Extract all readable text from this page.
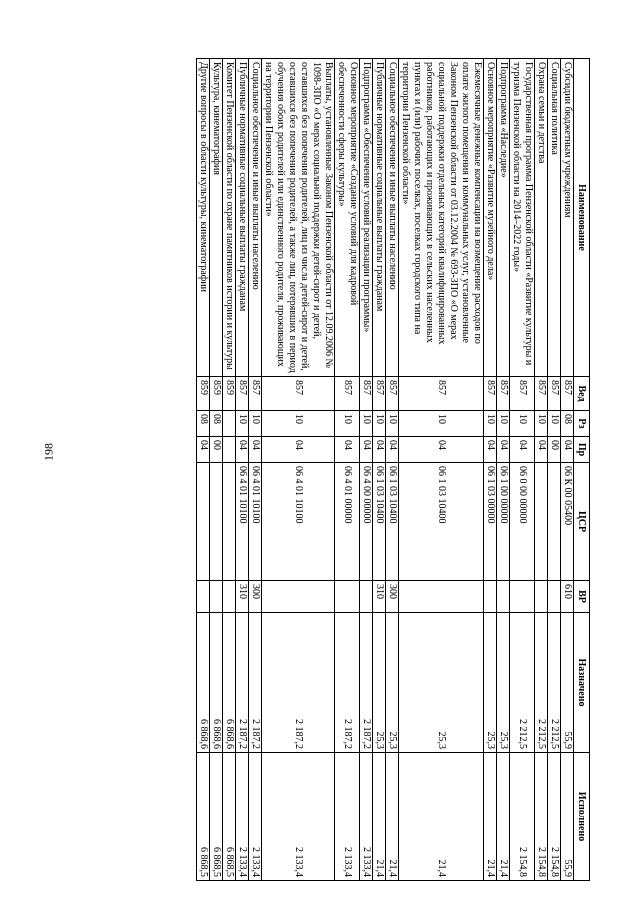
198
Наименование	Вед	Рз	Пр	ЦСР	ВР	Назначено	Исполнено
Субсидии бюджетным учреждениям	857	08	04	06 К 00 05400	610	55,9	55,9
Социальная политика	857	10	00			2 212,5	2 154,8
Охрана семьи и детства	857	10	04			2 212,5	2 154,8
Государственная программа Пензенской области «Развитие культуры и туризма Пензенской области на 2014–2022 годы»	857	10	04	06 0 00 00000		2 212,5	2 154,8
Подпрограмма «Наследие»	857	10	04	06 1 00 00000		25,3	21,4
Основное мероприятие «Развитие музейного дела»	857	10	04	06 1 03 00000		25,3	21,4
Ежемесячные денежные компенсации на возмещение расходов по оплате жилого помещения и коммунальных услуг, установленные Законом Пензенской области от 03.12.2004 № 693-ЗПО «О мерах социальной поддержки отдельных категорий квалифицированных работников, работающих и проживающих в сельских населенных пунктах и (или) рабочих поселках, поселках городского типа на территории Пензенской области»	857	10	04	06 1 03 10400		25,3	21,4
Социальное обеспечение и иные выплаты населению	857	10	04	06 1 03 10400	300	25,3	21,4
Публичные нормативные социальные выплаты гражданам	857	10	04	06 1 03 10400	310	25,3	21,4
Подпрограмма «Обеспечение условий реализации программы»	857	10	04	06 4 00 00000		2 187,2	2 133,4
Основное мероприятие «Создание условий для кадровой обеспеченности сферы культуры»	857	10	04	06 4 01 00000		2 187,2	2 133,4
Выплаты, установленные Законом Пензенской области от 12.09.2006 № 1098-ЗПО «О мерах социальной поддержки детей-сирот и детей, оставшихся без попечения родителей, лиц из числа детей-сирот и детей, оставшихся без попечения родителей, а также лиц, потерявших в период обучения обоих родителей или единственного родителя, проживающих на территории Пензенской области»	857	10	04	06 4 01 10100		2 187,2	2 133,4
Социальное обеспечение и иные выплаты населению	857	10	04	06 4 01 10100	300	2 187,2	2 133,4
Публичные нормативные социальные выплаты гражданам	857	10	04	06 4 01 10100	310	2 187,2	2 133,4
Комитет Пензенской области по охране памятников истории и культуры	859					6 868,6	6 868,5
Культура, кинематография	859	08	00			6 868,6	6 868,5
Другие вопросы в области культуры, кинематографии	859	08	04			6 868,6	6 868,5
